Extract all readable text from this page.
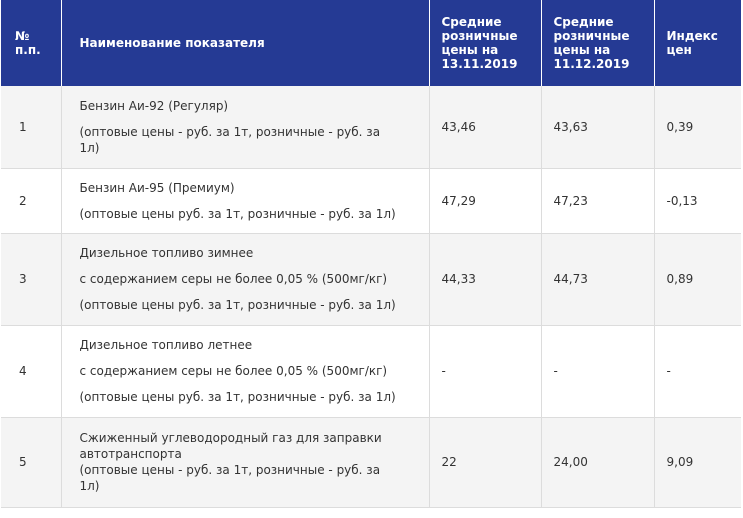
№
п.п.	Наименование показателя	Средние
розничные
цены на
13.11.2019	Средние
розничные
цены на
11.12.2019	Индекс
цен

1	Бензин Аи-92 (Регуляр)
(оптовые цены - руб. за 1т, розничные - руб. за
1л)	43,46	43,63	0,39
2	Бензин Аи-95 (Премиум)
(оптовые цены руб. за 1т, розничные - руб. за 1л)	47,29	47,23	-0,13
3	Дизельное топливо зимнее
с содержанием серы не более 0,05 % (500мг/кг)
(оптовые цены руб. за 1т, розничные - руб. за 1л)	44,33	44,73	0,89
4	Дизельное топливо летнее
с содержанием серы не более 0,05 % (500мг/кг)
(оптовые цены руб. за 1т, розничные - руб. за 1л)	-	-	-
5	Сжиженный углеводородный газ для заправки
автотранспорта
(оптовые цены - руб. за 1т, розничные - руб. за
1л)	22	24,00	9,09
